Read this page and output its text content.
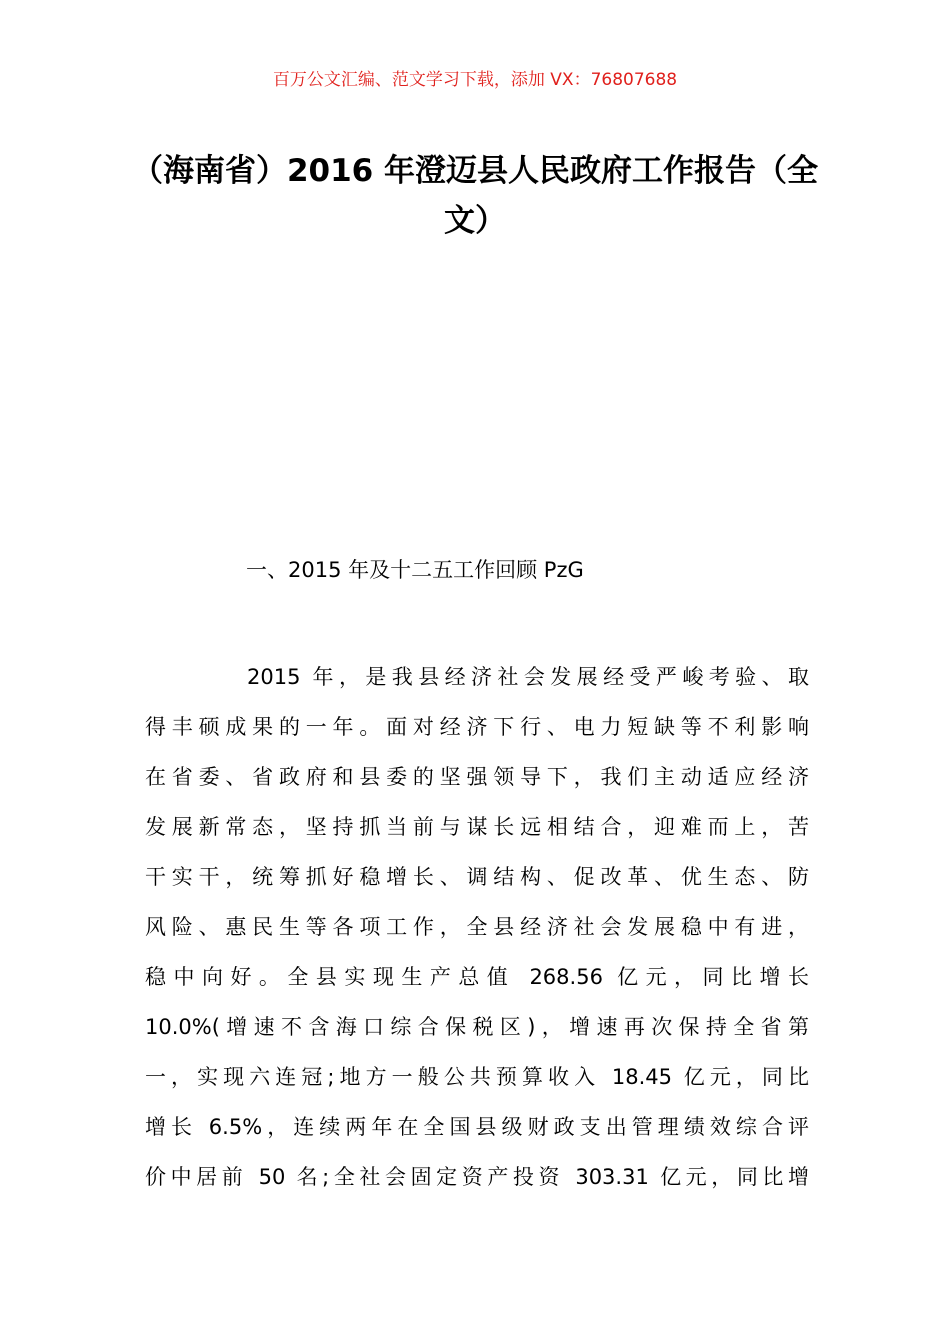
百万公文汇编、范文学习下载，添加 VX：76807688
（海南省）2016 年澄迈县人民政府工作报告（全文）
一、2015 年及十二五工作回顾 PzG
2015 年，是我县经济社会发展经受严峻考验、取
得丰硕成果的一年。面对经济下行、电力短缺等不利影响
在省委、省政府和县委的坚强领导下，我们主动适应经济
发展新常态，坚持抓当前与谋长远相结合，迎难而上，苦
干实干，统筹抓好稳增长、调结构、促改革、优生态、防
风险、惠民生等各项工作，全县经济社会发展稳中有进，
稳中向好。全县实现生产总值 268.56 亿元，同比增长
10.0%(增速不含海口综合保税区)，增速再次保持全省第
一，实现六连冠;地方一般公共预算收入 18.45 亿元，同比
增长 6.5%，连续两年在全国县级财政支出管理绩效综合评
价中居前 50 名;全社会固定资产投资 303.31 亿元，同比增
